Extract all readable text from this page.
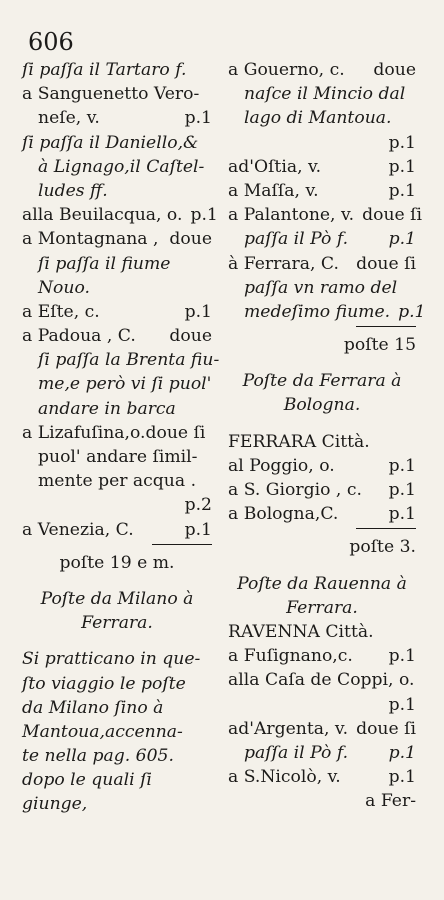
606
ſi paſſa il Tartaro f.
a Sanguenetto Vero-
neſe, v.	p.1
ſi paſſa il Daniello,&
à Lignago,il Caſtel-
ludes ff.
alla Beuilacqua, o. p.1
a Montagnana , doue
ſi paſſa il fiume
Nouo.
a Eſte, c.	p.1
a Padoua , C. doue
ſi paſſa la Brenta fiu-
me,e però vi ſi puol'
andare in barca
a Lizafuſina,o.doue ſi
puol' andare ſimil-
mente per acqua .
p.2
a Venezia, C.	p.1
poſte 19 e m.
Poſte da Milano à
Ferrara.
Si pratticano in que-
ſto viaggio le poſte
da Milano ſino à
Mantoua,accenna-
te nella pag. 605.
dopo le quali ſi
giunge,
a Gouerno, c. doue
naſce il Mincio dal
lago di Mantoua.
p.1
ad'Oſtia, v.	p.1
a Maſſa, v.	p.1
a Palantone, v. doue ſi
paſſa il Pò f. p.1
à Ferrara, C. doue ſi
paſſa vn ramo del
medeſimo fiume. p.1
poſte 15
Poſte da Ferrara à
Bologna.
FERRARA Città.
al Poggio, o.	p.1
a S. Giorgio , c. p.1
a Bologna,C.	p.1
poſte 3.
Poſte da Rauenna à
Ferrara.
RAVENNA Città.
a Fuſignano,c. p.1
alla Caſa de Coppi, o.
p.1
ad'Argenta, v. doue ſi
paſſa il Pò f. p.1
a S.Nicolò, v.	p.1
a Fer-
